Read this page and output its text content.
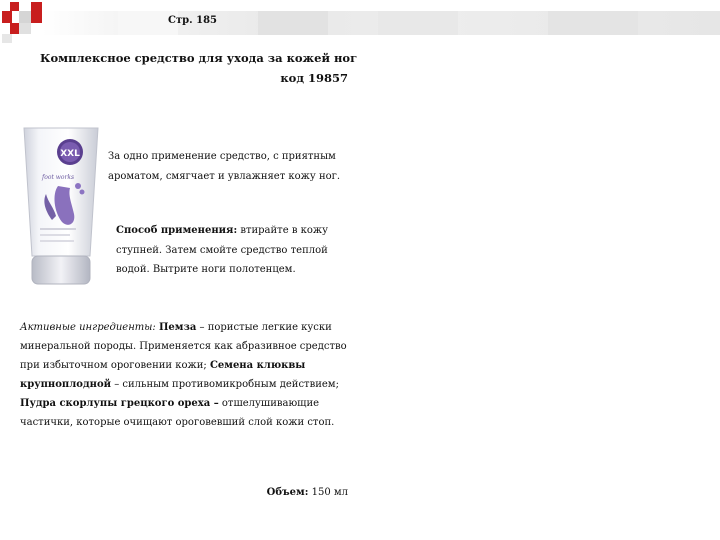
Стр. 185
Комплексное средство для ухода за кожей ног
код 19857
XXL
foot works
За одно применение средство, с приятным ароматом, смягчает и увлажняет кожу ног.
Способ применения: втирайте в кожу ступней. Затем смойте средство теплой водой. Вытрите ноги полотенцем.
Активные ингредиенты: Пемза – пористые легкие куски минеральной породы. Применяется как абразивное средство при избыточном ороговении кожи; Семена клюквы крупноплодной – сильным противомикробным действием; Пудра скорлупы грецкого ореха – отшелушивающие частички, которые очищают ороговевший слой кожи стоп.
Объем: 150 мл
